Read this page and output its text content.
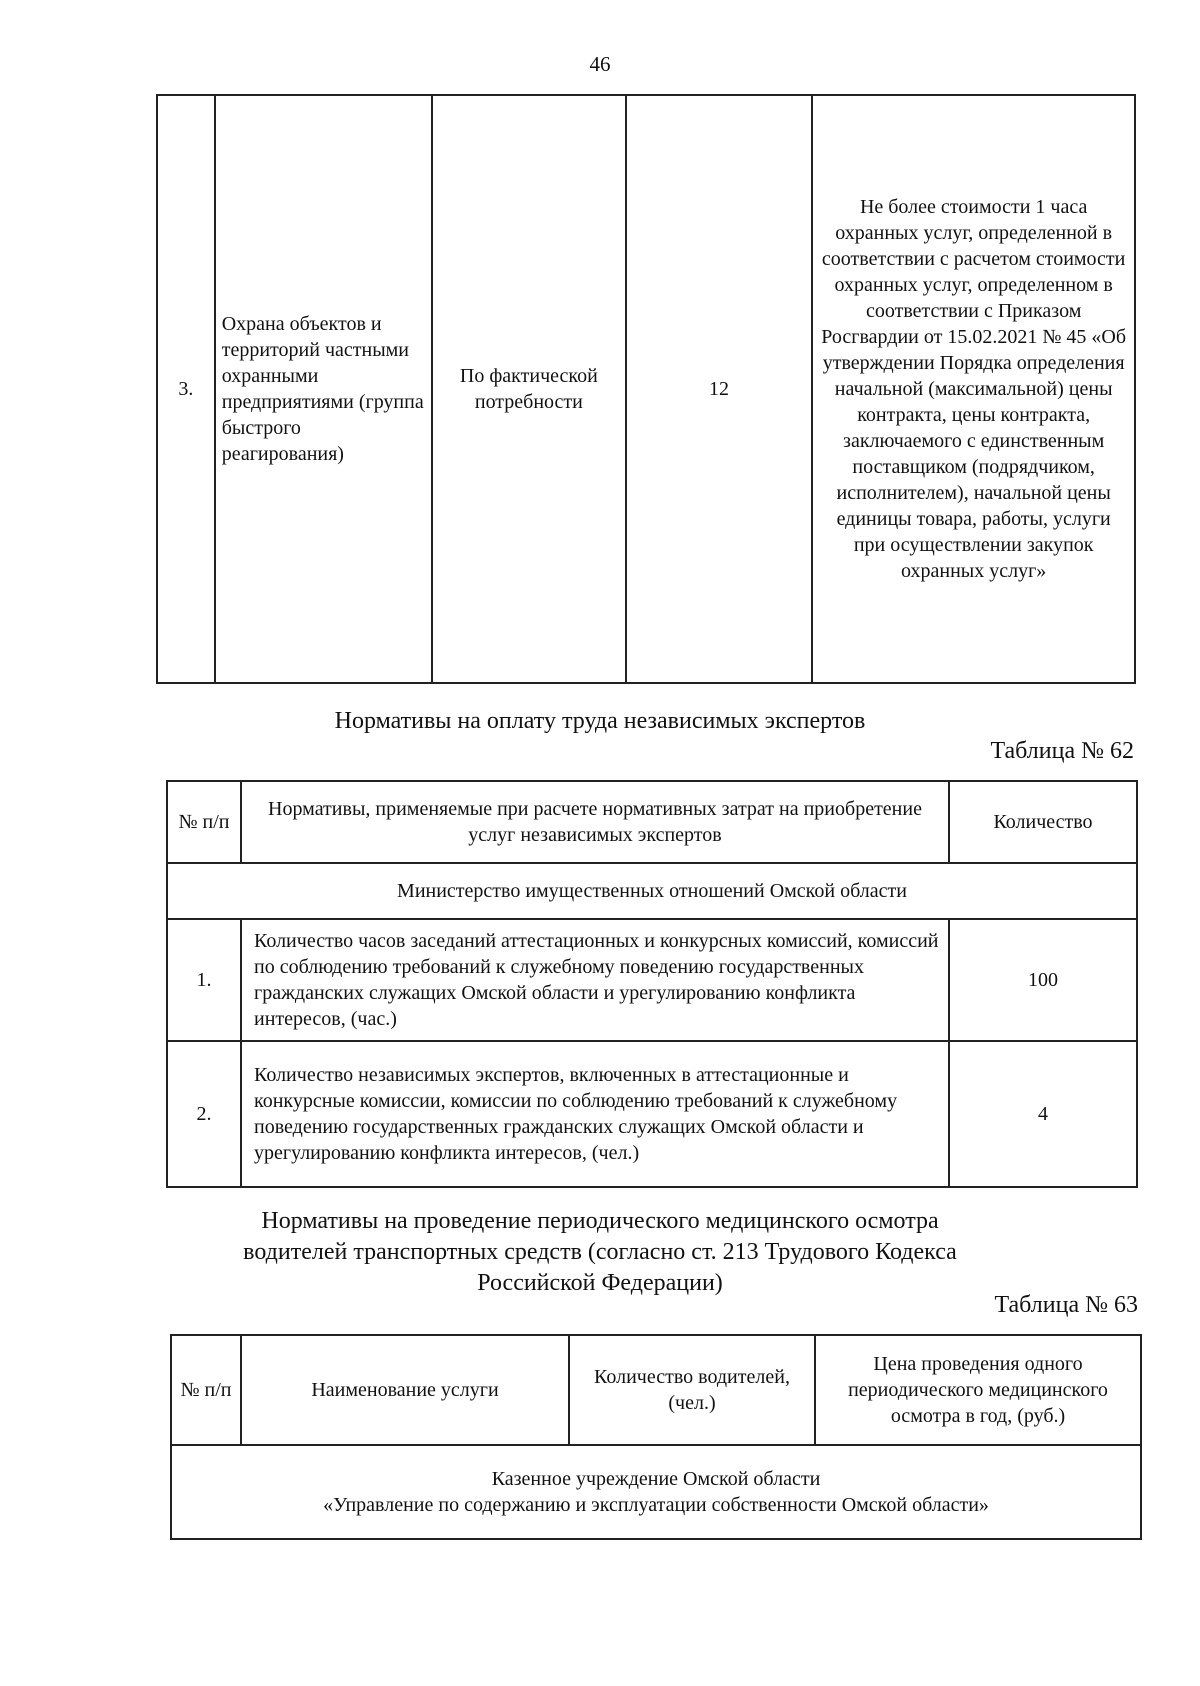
46
3.	Охрана объектов и территорий частными охранными предприятиями (группа быстрого реагирования)	По фактической потребности	12	Не более стоимости 1 часа охранных услуг, определенной в соответствии с расчетом стоимости охранных услуг, определенном в соответствии с Приказом Росгвардии от 15.02.2021 № 45 «Об утверждении Порядка определения начальной (максимальной) цены контракта, цены контракта, заключаемого с единственным поставщиком (подрядчиком, исполнителем), начальной цены единицы товара, работы, услуги при осуществлении закупок охранных услуг»
Нормативы на оплату труда независимых экспертов
Таблица № 62
№ п/п	Нормативы, применяемые при расчете нормативных затрат на приобретение услуг независимых экспертов	Количество
Министерство имущественных отношений Омской области		
1.	Количество часов заседаний аттестационных и конкурсных комиссий, комиссий по соблюдению требований к служебному поведению государственных гражданских служащих Омской области и урегулированию конфликта интересов, (час.)	100
2.	Количество независимых экспертов, включенных в аттестационные и конкурсные комиссии, комиссии по соблюдению требований к служебному поведению государственных гражданских служащих Омской области и урегулированию конфликта интересов, (чел.)	4
Нормативы на проведение периодического медицинского осмотра
водителей транспортных средств (согласно ст. 213 Трудового Кодекса
Российской Федерации)
Таблица № 63
№ п/п	Наименование услуги	Количество водителей, (чел.)	Цена проведения одного периодического медицинского осмотра в год, (руб.)

Казенное учреждение Омской области
«Управление по содержанию и эксплуатации собственности Омской области»
